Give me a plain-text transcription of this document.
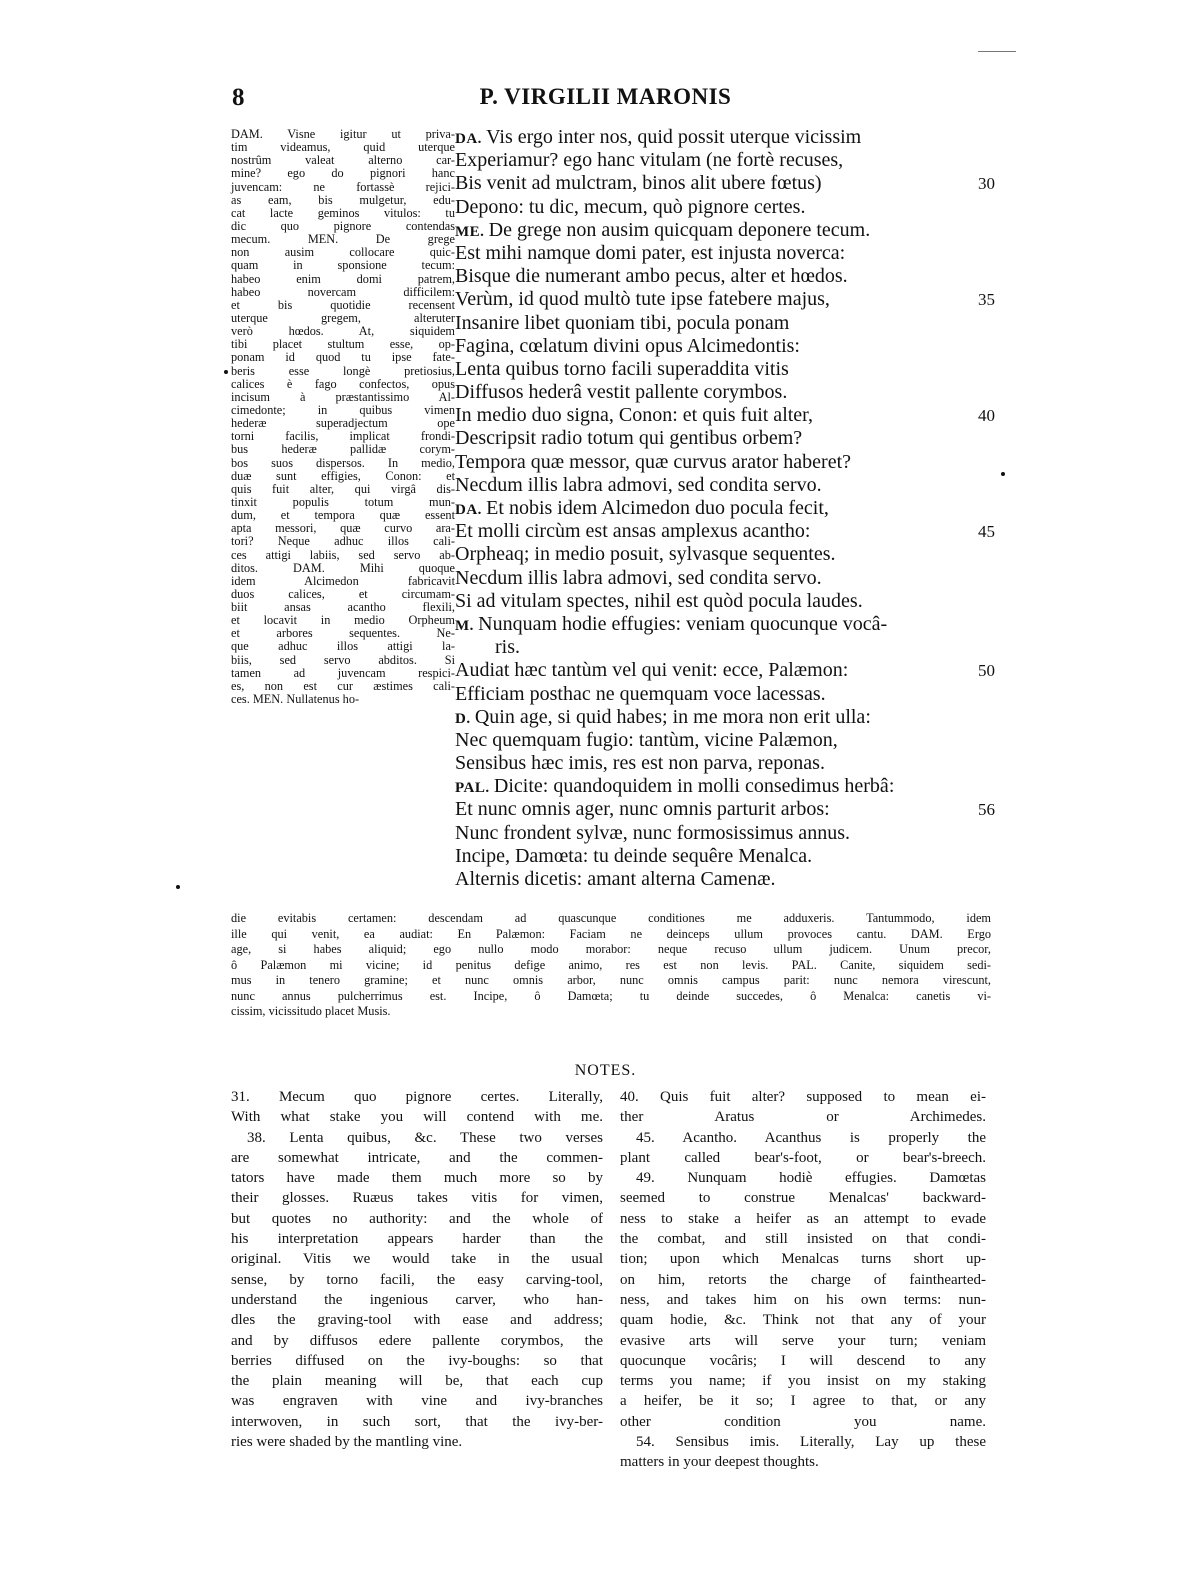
8	P. VIRGILII MARONIS
DAM. Visne igitur ut priva-
tim videamus, quid uterque
nostrûm valeat alterno car-
mine? ego do pignori hanc
juvencam: ne fortassè rejici-
as eam, bis mulgetur, edu-
cat lacte geminos vitulos: tu
dic quo pignore contendas
mecum. MEN. De grege
non ausim collocare quic-
quam in sponsione tecum:
habeo enim domi patrem,
habeo novercam difficilem:
et bis quotidie recensent
uterque gregem, alteruter
verò hœdos. At, siquidem
tibi placet stultum esse, op-
ponam id quod tu ipse fate-
beris esse longè pretiosius,
calices è fago confectos, opus
incisum à præstantissimo Al-
cimedonte; in quibus vimen
hederæ superadjectum ope
torni facilis, implicat frondi-
bus hederæ pallidæ corym-
bos suos dispersos. In medio,
duæ sunt effigies, Conon: et
quis fuit alter, qui virgâ dis-
tinxit populis totum mun-
dum, et tempora quæ essent
apta messori, quæ curvo ara-
tori? Neque adhuc illos cali-
ces attigi labiis, sed servo ab-
ditos. DAM. Mihi quoque
idem Alcimedon fabricavit
duos calices, et circumam-
biit ansas acantho flexili,
et locavit in medio Orpheum
et arbores sequentes. Ne-
que adhuc illos attigi la-
biis, sed servo abditos. Si
tamen ad juvencam respici-
es, non est cur æstimes cali-
ces. MEN. Nullatenus ho-
DA. Vis ergo inter nos, quid possit uterque vicissim
Experiamur? ego hanc vitulam (ne fortè recuses,
Bis venit ad mulctram, binos alit ubere fœtus)	30
Depono: tu dic, mecum, quò pignore certes.
ME. De grege non ausim quicquam deponere tecum.
Est mihi namque domi pater, est injusta noverca:
Bisque die numerant ambo pecus, alter et hœdos.
Verùm, id quod multò tute ipse fatebere majus,	35
Insanire libet quoniam tibi, pocula ponam
Fagina, cœlatum divini opus Alcimedontis:
Lenta quibus torno facili superaddita vitis
Diffusos hederâ vestit pallente corymbos.
In medio duo signa, Conon: et quis fuit alter,	40
Descripsit radio totum qui gentibus orbem?
Tempora quæ messor, quæ curvus arator haberet?
Necdum illis labra admovi, sed condita servo.
DA. Et nobis idem Alcimedon duo pocula fecit,
Et molli circùm est ansas amplexus acantho:	45
Orpheaq; in medio posuit, sylvasque sequentes.
Necdum illis labra admovi, sed condita servo.
Si ad vitulam spectes, nihil est quòd pocula laudes.
M. Nunquam hodie effugies: veniam quocunque vocâ-
ris.
Audiat hæc tantùm vel qui venit: ecce, Palæmon:	50
Efficiam posthac ne quemquam voce lacessas.
D. Quin age, si quid habes; in me mora non erit ulla:
Nec quemquam fugio: tantùm, vicine Palæmon,
Sensibus hæc imis, res est non parva, reponas.
PAL. Dicite: quandoquidem in molli consedimus herbâ:
Et nunc omnis ager, nunc omnis parturit arbos:	56
Nunc frondent sylvæ, nunc formosissimus annus.
Incipe, Damœta: tu deinde sequêre Menalca.
Alternis dicetis: amant alterna Camenæ.
die evitabis certamen: descendam ad quascunque conditiones me adduxeris. Tantummodo, idem
ille qui venit, ea audiat: En Palæmon: Faciam ne deinceps ullum provoces cantu. DAM. Ergo
age, si habes aliquid; ego nullo modo morabor: neque recuso ullum judicem. Unum precor,
ô Palæmon mi vicine; id penitus defige animo, res est non levis. PAL. Canite, siquidem sedi-
mus in tenero gramine; et nunc omnis arbor, nunc omnis campus parit: nunc nemora virescunt,
nunc annus pulcherrimus est. Incipe, ô Damœta; tu deinde succedes, ô Menalca: canetis vi-
cissim, vicissitudo placet Musis.
NOTES.
31. Mecum quo pignore certes. Literally,
With what stake you will contend with me.
38. Lenta quibus, &c. These two verses
are somewhat intricate, and the commen-
tators have made them much more so by
their glosses. Ruæus takes vitis for vimen,
but quotes no authority: and the whole of
his interpretation appears harder than the
original. Vitis we would take in the usual
sense, by torno facili, the easy carving-tool,
understand the ingenious carver, who han-
dles the graving-tool with ease and address;
and by diffusos edere pallente corymbos, the
berries diffused on the ivy-boughs: so that
the plain meaning will be, that each cup
was engraven with vine and ivy-branches
interwoven, in such sort, that the ivy-ber-
ries were shaded by the mantling vine.
40. Quis fuit alter? supposed to mean ei-
ther Aratus or Archimedes.
45. Acantho. Acanthus is properly the
plant called bear's-foot, or bear's-breech.
49. Nunquam hodiè effugies. Damœtas
seemed to construe Menalcas' backward-
ness to stake a heifer as an attempt to evade
the combat, and still insisted on that condi-
tion; upon which Menalcas turns short up-
on him, retorts the charge of fainthearted-
ness, and takes him on his own terms: nun-
quam hodie, &c. Think not that any of your
evasive arts will serve your turn; veniam
quocunque vocâris; I will descend to any
terms you name; if you insist on my staking
a heifer, be it so; I agree to that, or any
other condition you name.
54. Sensibus imis. Literally, Lay up these
matters in your deepest thoughts.
